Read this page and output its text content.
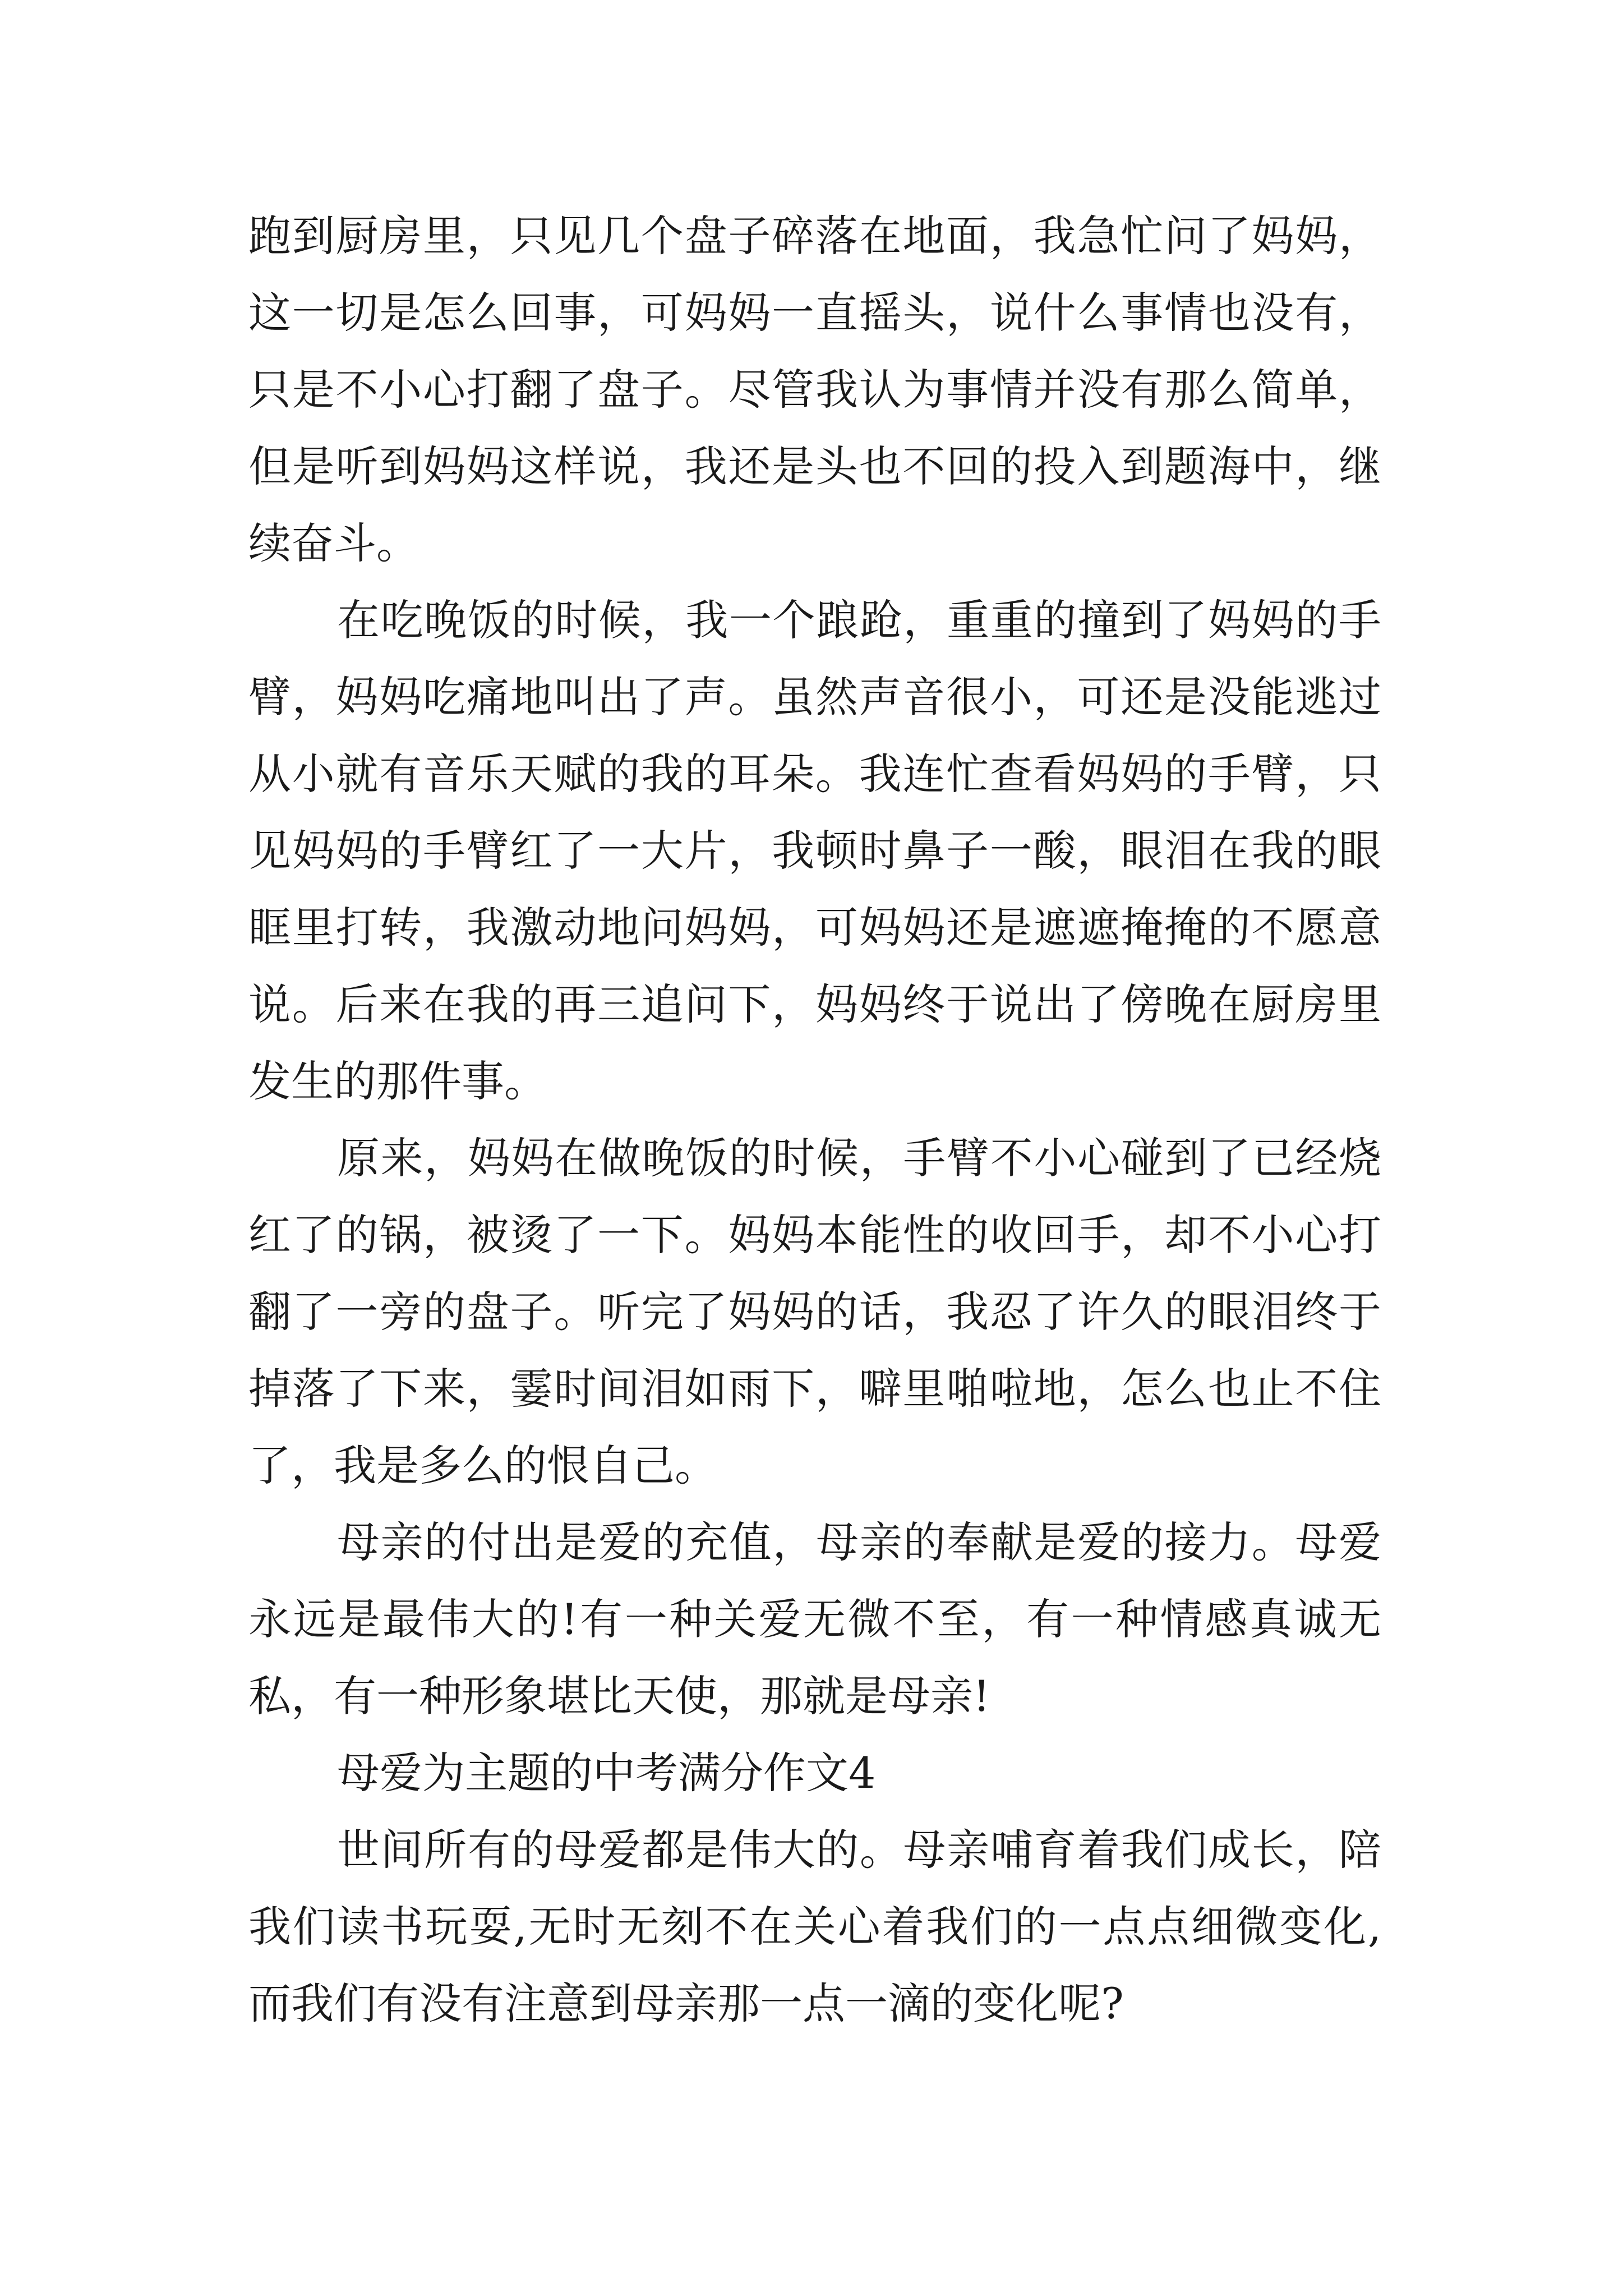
跑到厨房里，只见几个盘子碎落在地面，我急忙问了妈妈，
这一切是怎么回事，可妈妈一直摇头，说什么事情也没有，
只是不小心打翻了盘子。尽管我认为事情并没有那么简单，
但是听到妈妈这样说，我还是头也不回的投入到题海中，继
续奋斗。
在吃晚饭的时候，我一个踉跄，重重的撞到了妈妈的手
臂，妈妈吃痛地叫出了声。虽然声音很小，可还是没能逃过
从小就有音乐天赋的我的耳朵。我连忙查看妈妈的手臂，只
见妈妈的手臂红了一大片，我顿时鼻子一酸，眼泪在我的眼
眶里打转，我激动地问妈妈，可妈妈还是遮遮掩掩的不愿意
说。后来在我的再三追问下，妈妈终于说出了傍晚在厨房里
发生的那件事。
原来，妈妈在做晚饭的时候，手臂不小心碰到了已经烧
红了的锅，被烫了一下。妈妈本能性的收回手，却不小心打
翻了一旁的盘子。听完了妈妈的话，我忍了许久的眼泪终于
掉落了下来，霎时间泪如雨下，噼里啪啦地，怎么也止不住
了，我是多么的恨自己。
母亲的付出是爱的充值，母亲的奉献是爱的接力。母爱
永远是最伟大的!有一种关爱无微不至，有一种情感真诚无
私，有一种形象堪比天使，那就是母亲!
母爱为主题的中考满分作文4
世间所有的母爱都是伟大的。母亲哺育着我们成长，陪
我们读书玩耍,无时无刻不在关心着我们的一点点细微变化,
而我们有没有注意到母亲那一点一滴的变化呢?
